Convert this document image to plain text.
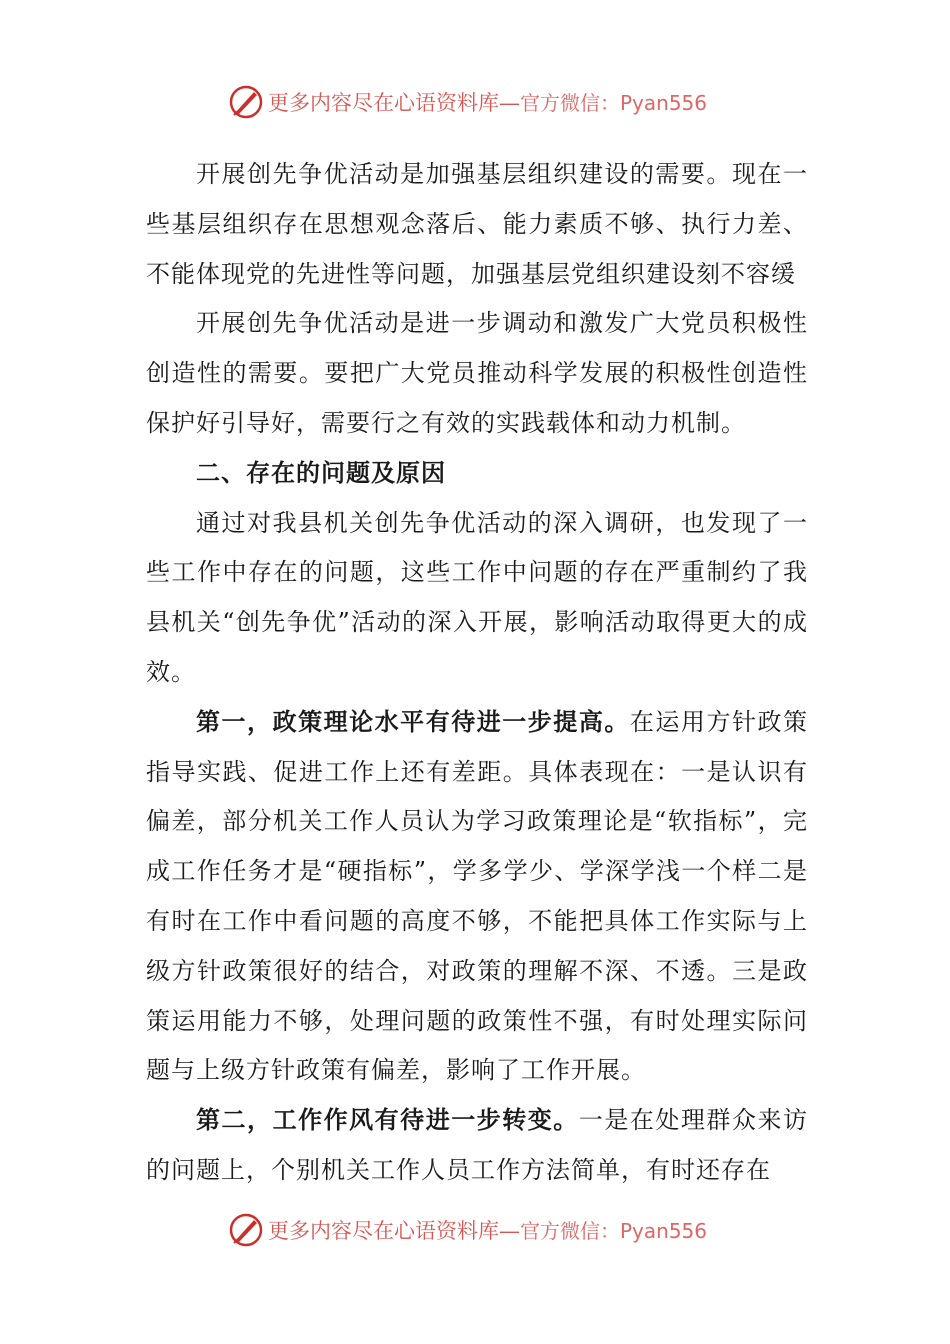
更多内容尽在心语资料库—官方微信：Pyan556

开展创先争优活动是加强基层组织建设的需要。现在一些基层组织存在思想观念落后、能力素质不够、执行力差、不能体现党的先进性等问题，加强基层党组织建设刻不容缓

开展创先争优活动是进一步调动和激发广大党员积极性创造性的需要。要把广大党员推动科学发展的积极性创造性保护好引导好，需要行之有效的实践载体和动力机制。

二、存在的问题及原因

通过对我县机关创先争优活动的深入调研，也发现了一些工作中存在的问题，这些工作中问题的存在严重制约了我县机关“创先争优”活动的深入开展，影响活动取得更大的成效。

第一，政策理论水平有待进一步提高。在运用方针政策指导实践、促进工作上还有差距。具体表现在：一是认识有偏差，部分机关工作人员认为学习政策理论是“软指标”，完成工作任务才是“硬指标”，学多学少、学深学浅一个样二是有时在工作中看问题的高度不够，不能把具体工作实际与上级方针政策很好的结合，对政策的理解不深、不透。三是政策运用能力不够，处理问题的政策性不强，有时处理实际问题与上级方针政策有偏差，影响了工作开展。

第二，工作作风有待进一步转变。一是在处理群众来访的问题上，个别机关工作人员工作方法简单，有时还存在

更多内容尽在心语资料库—官方微信：Pyan556
